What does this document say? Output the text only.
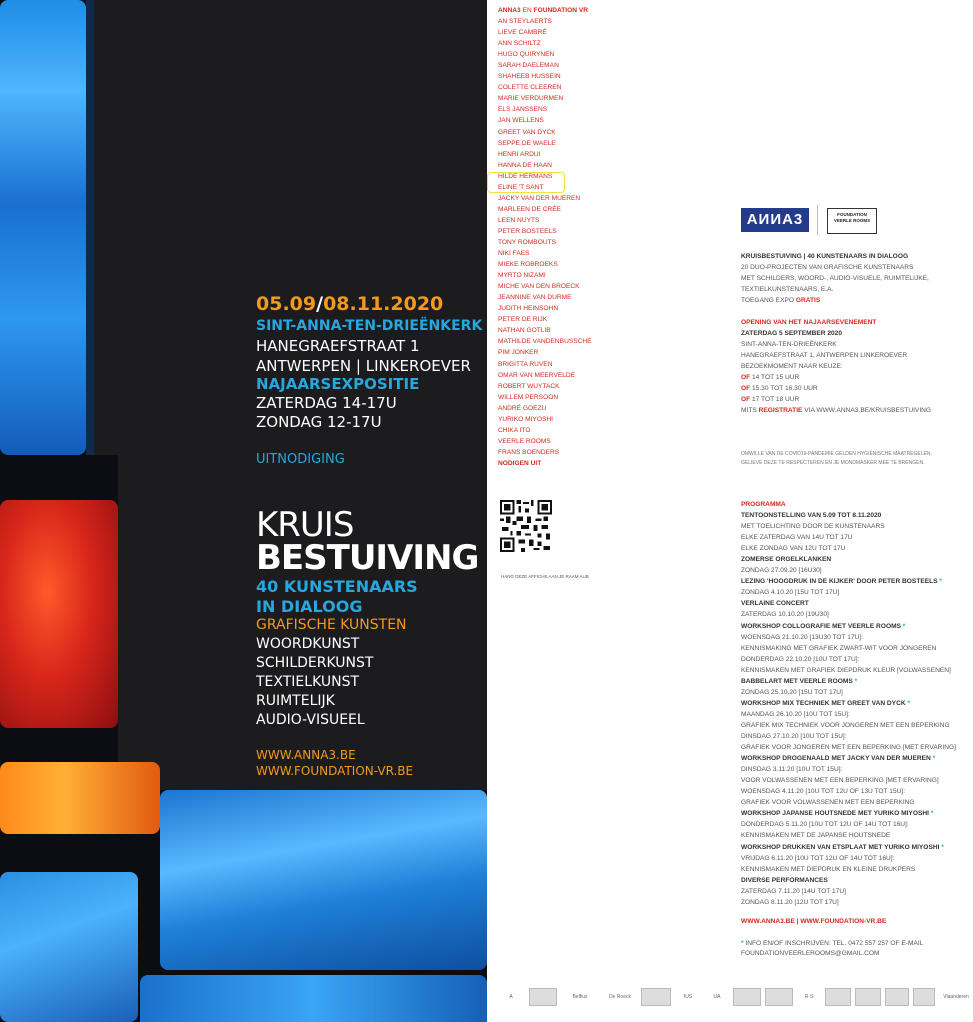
05.09/08.11.2020
SINT-ANNA-TEN-DRIEËNKERK
HANEGRAEFSTRAAT 1
ANTWERPEN | LINKEROEVER
NAJAARSEXPOSITIE
ZATERDAG 14-17U
ZONDAG 12-17U
UITNODIGING
KRUIS
BESTUIVING
40 KUNSTENAARS
IN DIALOOG
GRAFISCHE KUNSTEN
WOORDKUNST
SCHILDERKUNST
TEXTIELKUNST
RUIMTELIJK
AUDIO-VISUEEL
WWW.ANNA3.BE
WWW.FOUNDATION-VR.BE
ANNA3 EN FOUNDATION VR
AN STEYLAERTS
LIEVE CAMBRÉ
ANN SCHILTZ
HUGO QUIRYNEN
SARAH DAELEMAN
SHAHEEB HUSSEIN
COLETTE CLEEREN
MARIE VERDURMEN
ELS JANSSENS
JAN WELLENS
GREET VAN DYCK
SEPPE DE WAELE
HENRI ARDUI
HANNA DE HAAN
HILDE HERMANS
ELINE 'T SANT
JACKY VAN DER MUEREN
MARLEEN DE CRÉE
LEEN NUYTS
PETER BOSTEELS
TONY ROMBOUTS
NIKI FAES
MIEKE ROBROEKS
MYRTO NIZAMI
MICHE VAN DEN BROECK
JEANNINE VAN DURME
JUDITH HEINSOHN
PETER DE RIJK
NATHAN GOTLIB
MATHILDE VANDENBUSSCHE
PIM JONKER
BRIGITTA RUVEN
OMAR VAN MEERVELDE
ROBERT WUYTACK
WILLEM PERSOON
ANDRÉ GOEZU
YURIKO MIYOSHI
CHIKA ITO
VEERLE ROOMS
FRANS BOENDERS
NODIGEN UIT
HANG DEZE AFFICHE AAN JE RAAM AUB
AИИA3	FOUNDATION VEERLE ROOMS
KRUISBESTUIVING | 40 KUNSTENAARS IN DIALOOG
20 DUO-PROJECTEN VAN GRAFISCHE KUNSTENAARS
MET SCHILDERS, WOORD-, AUDIO-VISUELE, RUIMTELIJKE,
TEXTIELKUNSTENAARS, E.A.
TOEGANG EXPO GRATIS
OPENING VAN HET NAJAARSEVENEMENT
ZATERDAG 5 SEPTEMBER 2020
SINT-ANNA-TEN-DRIEËNKERK
HANEGRAEFSTRAAT 1, ANTWERPEN LINKEROEVER
BEZOEKMOMENT NAAR KEUZE:
OF 14 TOT 15 UUR
OF 15.30 TOT 16.30 UUR
OF 17 TOT 18 UUR
MITS REGISTRATIE VIA WWW.ANNA3.BE/KRUISBESTUIVING
OMWILLE VAN DE COVID19-PANDEMIE GELDEN HYGIËNISCHE MAATREGELEN.
GELIEVE DEZE TE RESPECTEREN EN JE MONDMASKER MEE TE BRENGEN.
PROGRAMMA
TENTOONSTELLING VAN 5.09 TOT 8.11.2020
MET TOELICHTING DOOR DE KUNSTENAARS
ELKE ZATERDAG VAN 14U TOT 17U
ELKE ZONDAG VAN 12U TOT 17U
ZOMERSE ORGELKLANKEN
ZONDAG 27.09.20 [16U30]
LEZING 'HOOGDRUK IN DE KIJKER' DOOR PETER BOSTEELS *
ZONDAG 4.10.20 [15U TOT 17U]
VERLAINE CONCERT
ZATERDAG 10.10.20 [19U30]
WORKSHOP COLLOGRAFIE MET VEERLE ROOMS *
WOENSDAG 21.10.20 [13U30 TOT 17U]:
KENNISMAKING MET GRAFIEK ZWART-WIT VOOR JONGEREN
DONDERDAG 22.10.20 [10U TOT 17U]:
KENNISMAKEN MET GRAFIEK DIEPDRUK KLEUR [VOLWASSENEN]
BABBELART MET VEERLE ROOMS *
ZONDAG 25.10.20 [15U TOT 17U]
WORKSHOP MIX TECHNIEK MET GREET VAN DYCK *
MAANDAG 26.10.20 [10U TOT 15U]:
GRAFIEK MIX TECHNIEK VOOR JONGEREN MET EEN BEPERKING
DINSDAG 27.10.20 [10U TOT 15U]:
GRAFIEK VOOR JONGEREN MET EEN BEPERKING [MET ERVARING]
WORKSHOP DROGENAALD MET JACKY VAN DER MUEREN *
DINSDAG 3.11.20 [10U TOT 15U]:
VOOR VOLWASSENEN MET EEN BEPERKING [MET ERVARING]
WOENSDAG 4.11.20 [10U TOT 12U OF 13U TOT 15U]:
GRAFIEK VOOR VOLWASSENEN MET EEN BEPERKING
WORKSHOP JAPANSE HOUTSNEDE MET YURIKO MIYOSHI *
DONDERDAG 5.11.20 [10U TOT 12U OF 14U TOT 16U]:
KENNISMAKEN MET DE JAPANSE HOUTSNEDE
WORKSHOP DRUKKEN VAN ETSPLAAT MET YURIKO MIYOSHI *
VRIJDAG 6.11.20 [10U TOT 12U OF 14U TOT 16U]:
KENNISMAKEN MET DIEPDRUK EN KLEINE DRUKPERS
DIVERSE PERFORMANCES
ZATERDAG 7.11.20 [14U TOT 17U]
ZONDAG 8.11.20 [12U TOT 17U]
WWW.ANNA3.BE | WWW.FOUNDATION-VR.BE
* INFO EN/OF INSCHRIJVEN: TEL. 0472 557 257 OF E-MAIL
FOUNDATIONVEERLEROOMS@GMAIL.COM
A	Belfius	De Roeck	IUS	UA	R·S	Vlaanderen
